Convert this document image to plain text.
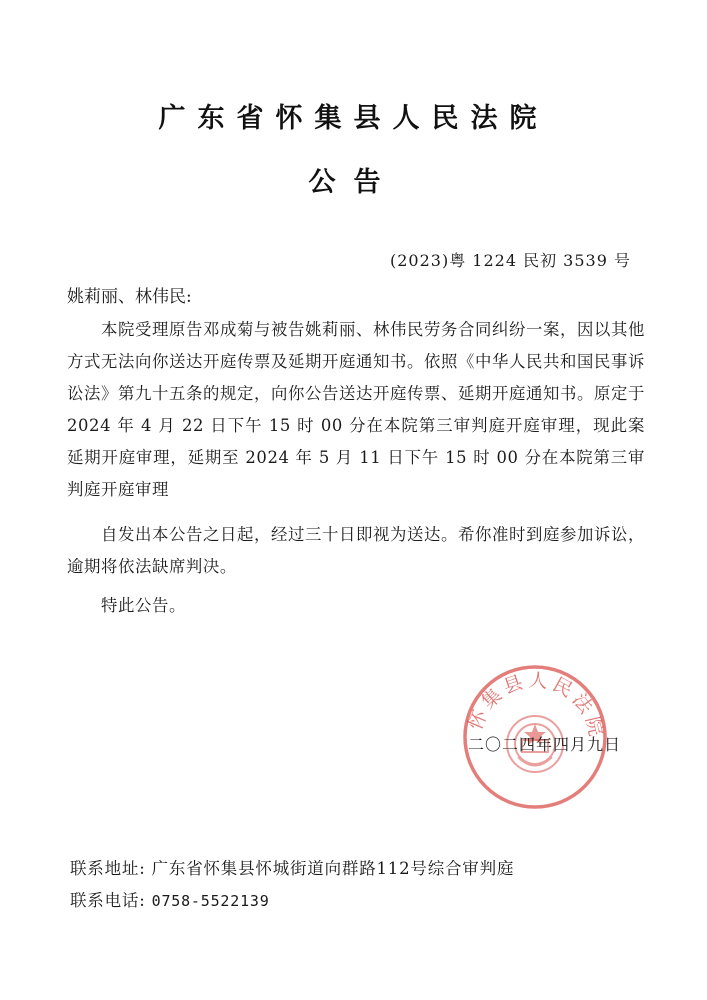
广东省怀集县人民法院
公告
(2023)粤 1224 民初 3539 号
姚莉丽、林伟民:

本院受理原告邓成菊与被告姚莉丽、林伟民劳务合同纠纷一案，因以其他方式无法向你送达开庭传票及延期开庭通知书。依照《中华人民共和国民事诉讼法》第九十五条的规定，向你公告送达开庭传票、延期开庭通知书。原定于 2024 年 4 月 22 日下午 15 时 00 分在本院第三审判庭开庭审理，现此案延期开庭审理，延期至 2024 年 5 月 11 日下午 15 时 00 分在本院第三审判庭开庭审理

自发出本公告之日起，经过三十日即视为送达。希你准时到庭参加诉讼，逾期将依法缺席判决。

特此公告。

怀集县人民法院
二〇二四年四月九日
联系地址: 广东省怀集县怀城街道向群路112号综合审判庭
联系电话: 0758-5522139
